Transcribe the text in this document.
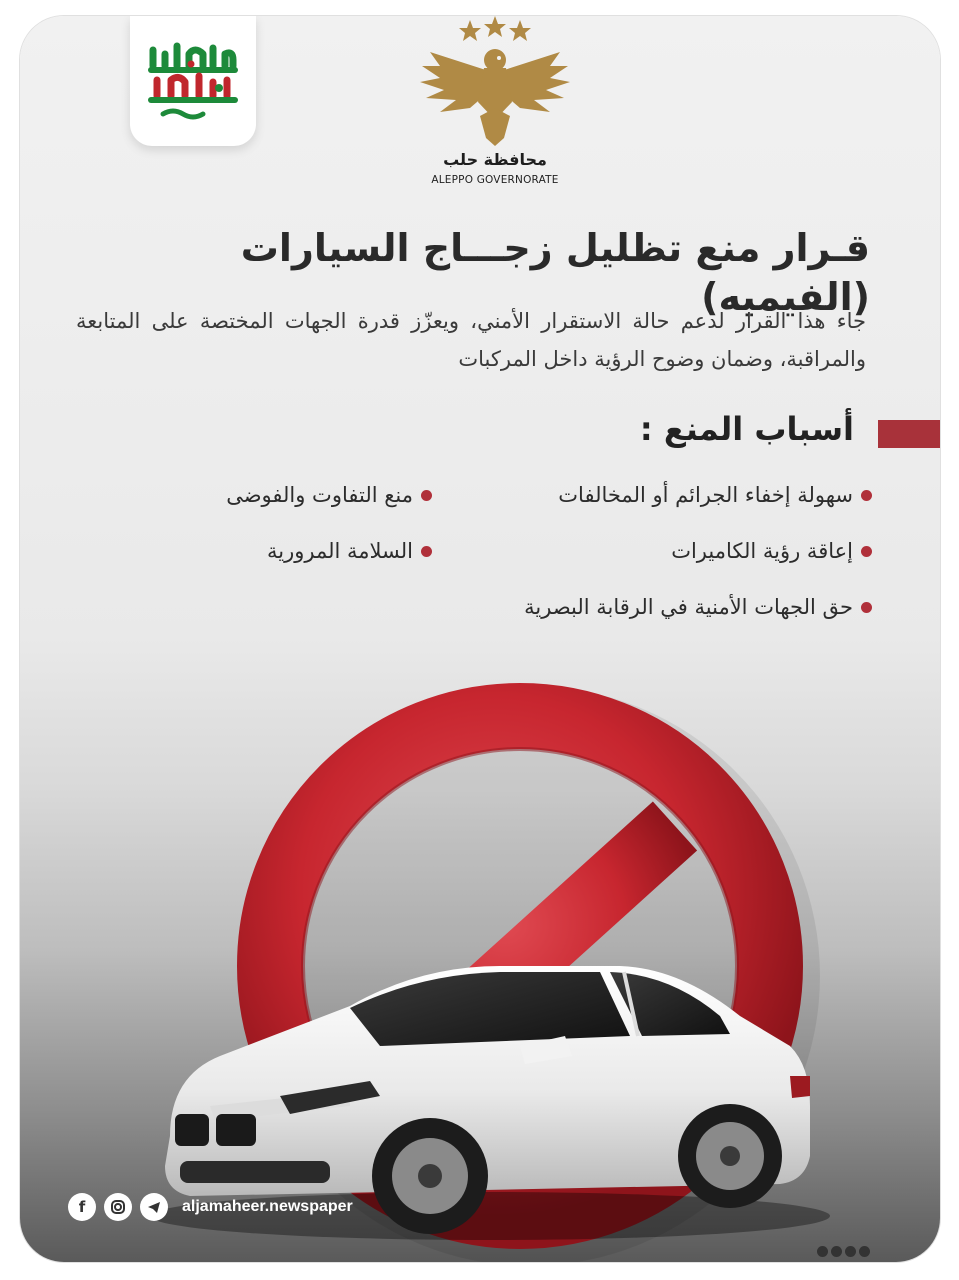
محافظة حلب
ALEPPO GOVERNORATE
قـرار منع تظليل زجـــاج السيارات (الفيميه)

جاء هذا القرار لدعم حالة الاستقرار الأمني، ويعزّز قدرة الجهات المختصة على المتابعة والمراقبة، وضمان وضوح الرؤية داخل المركبات

أسباب المنع :
سهولة إخفاء الجرائم أو المخالفات
منع التفاوت والفوضى
إعاقة رؤية الكاميرات
السلامة المرورية
حق الجهات الأمنية في الرقابة البصرية
f	aljamaheer.newspaper
